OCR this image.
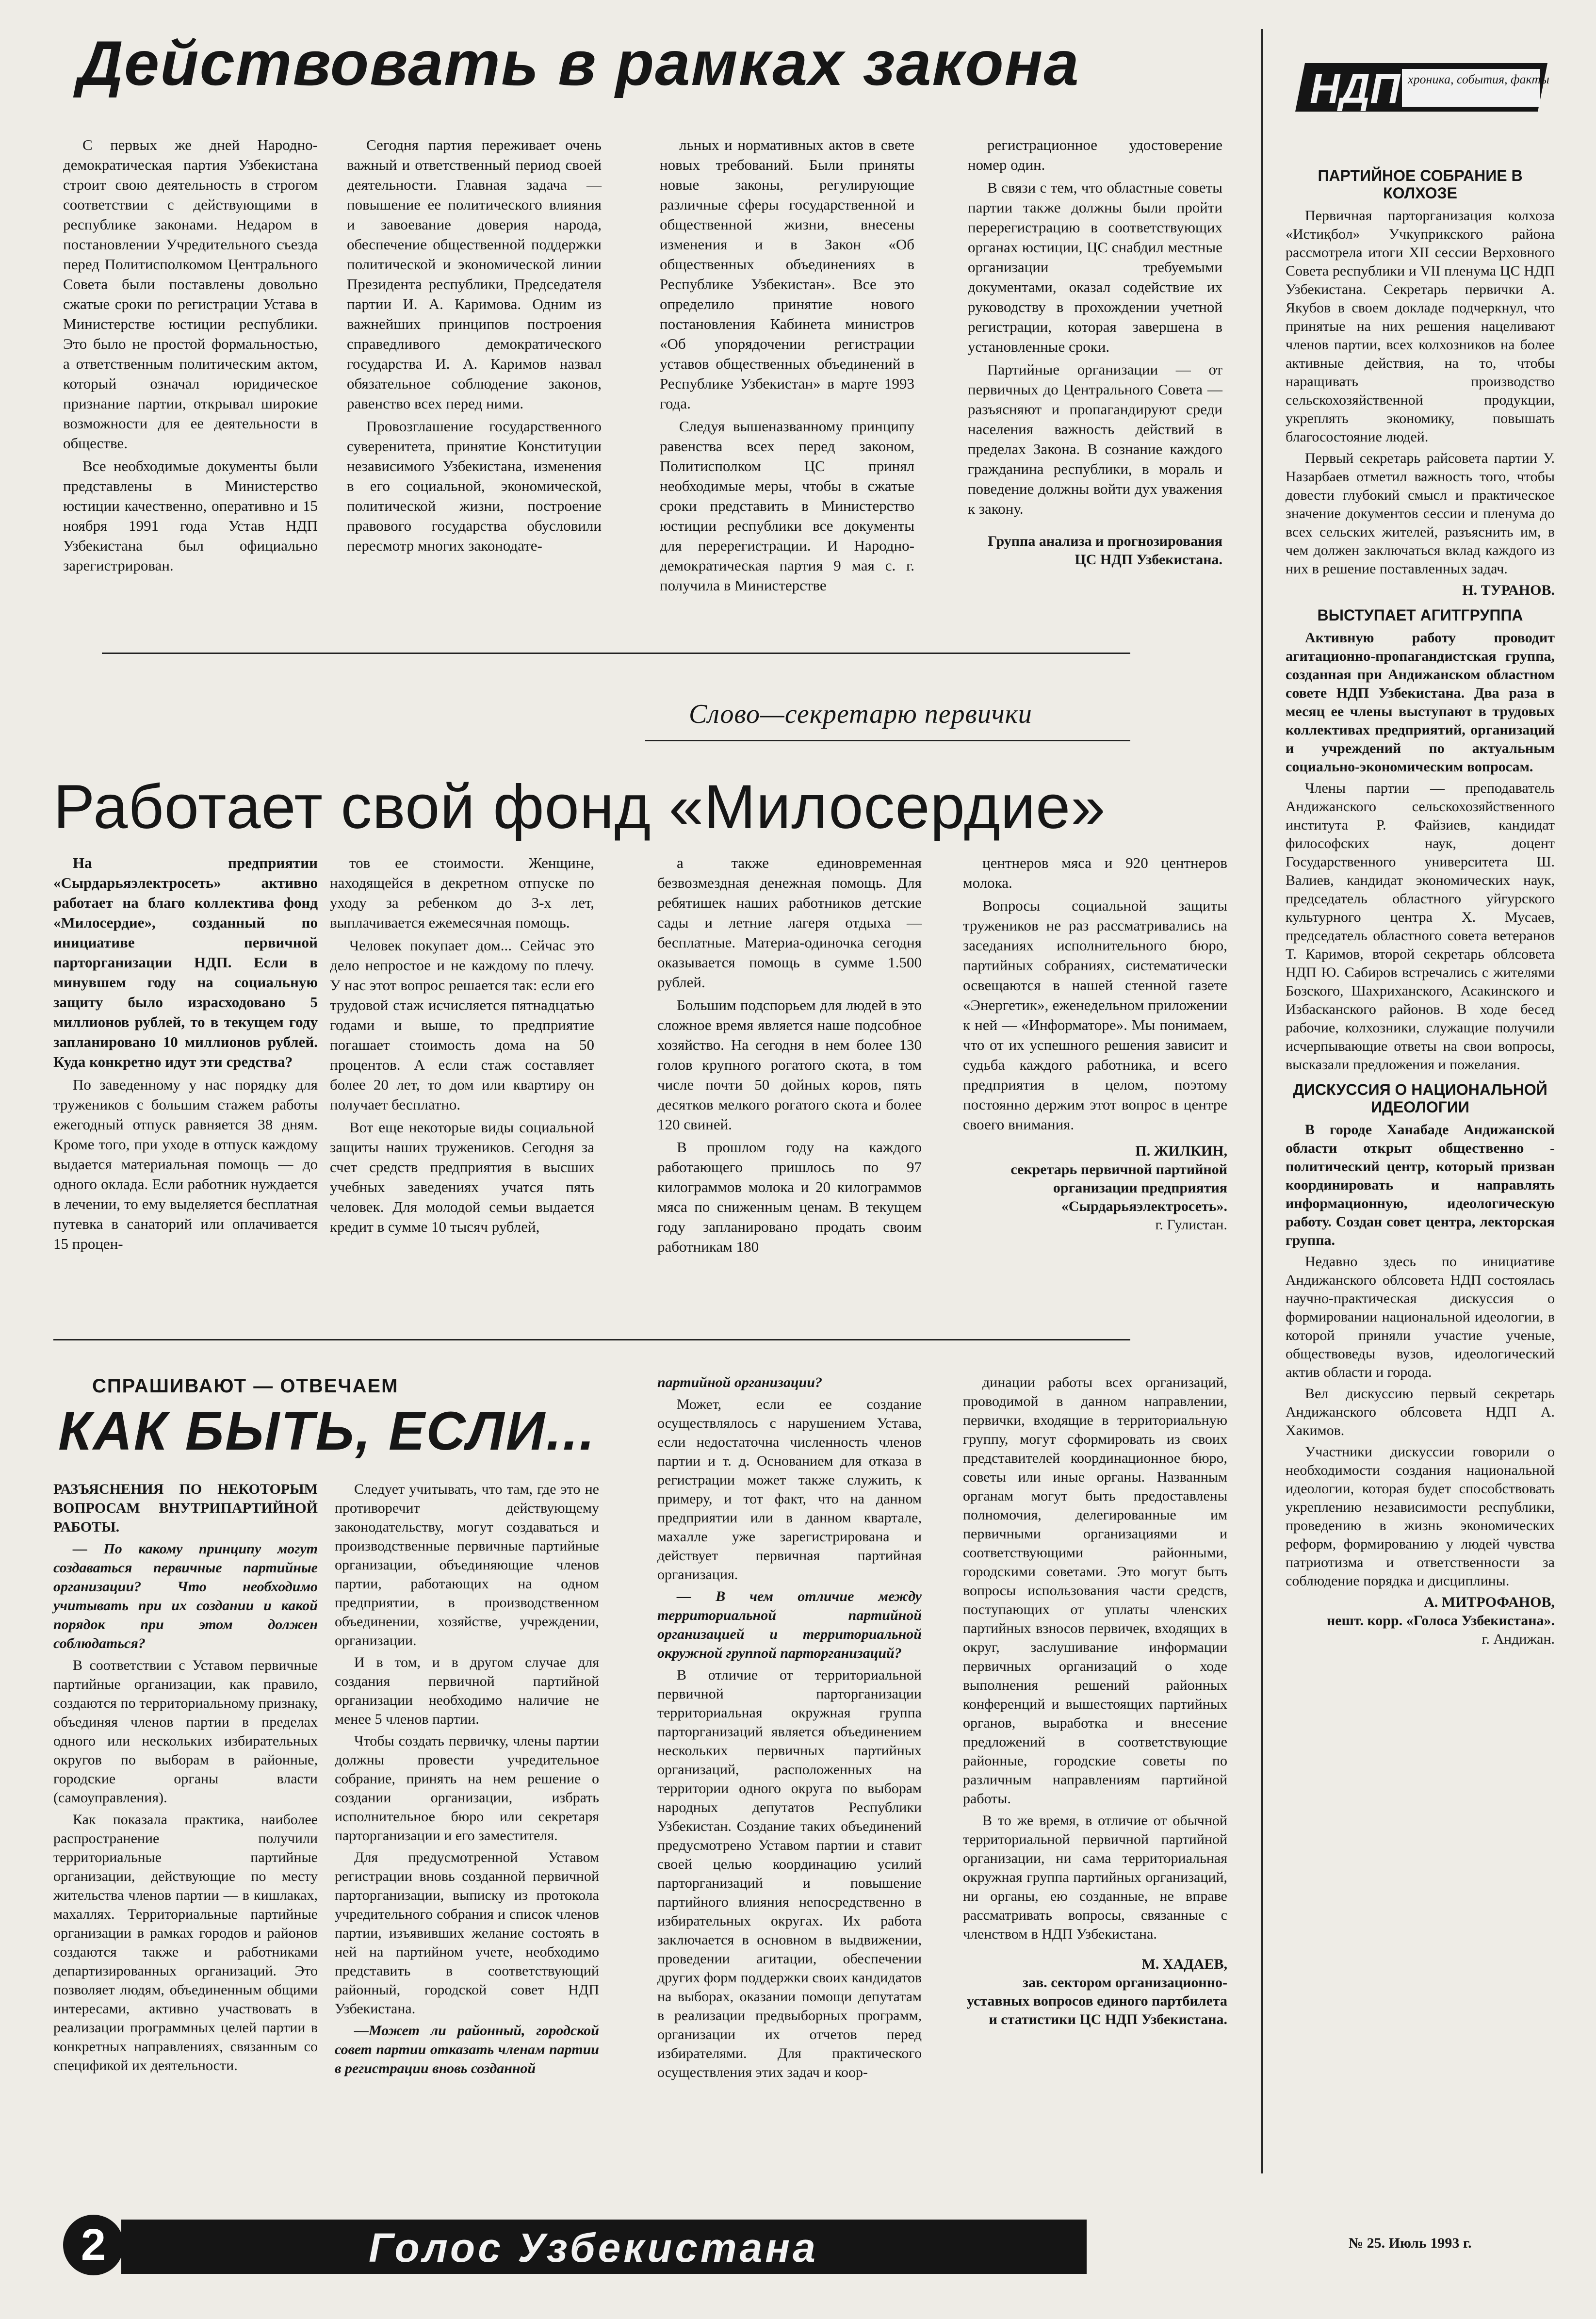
Действовать в рамках закона

С первых же дней Народно-демократическая партия Узбекистана строит свою деятельность в строгом соответствии с действующими в республике законами. Недаром в постановлении Учредительного съезда перед Политисполкомом Центрального Совета были поставлены довольно сжатые сроки по регистрации Устава в Министерстве юстиции республики. Это было не простой формальностью, а ответственным политическим актом, который означал юридическое признание партии, открывал широкие возможности для ее деятельности в обществе.

Все необходимые документы были представлены в Министерство юстиции качественно, оперативно и 15 ноября 1991 года Устав НДП Узбекистана был официально зарегистрирован.

Сегодня партия переживает очень важный и ответственный период своей деятельности. Главная задача — повышение ее политического влияния и завоевание доверия народа, обеспечение общественной поддержки политической и экономической линии Президента республики, Председателя партии И. А. Каримова. Одним из важнейших принципов построения справедливого демократического государства И. А. Каримов назвал обязательное соблюдение законов, равенство всех перед ними.

Провозглашение государственного суверенитета, принятие Конституции независимого Узбекистана, изменения в его социальной, экономической, политической жизни, построение правового государства обусловили пересмотр многих законодате-

льных и нормативных актов в свете новых требований. Были приняты новые законы, регулирующие различные сферы государственной и общественной жизни, внесены изменения и в Закон «Об общественных объединениях в Республике Узбекистан». Все это определило принятие нового постановления Кабинета министров «Об упорядочении регистрации уставов общественных объединений в Республике Узбекистан» в марте 1993 года.

Следуя вышеназванному принципу равенства всех перед законом, Политисполком ЦС принял необходимые меры, чтобы в сжатые сроки представить в Министерство юстиции республики все документы для перерегистрации. И Народно-демократическая партия 9 мая с. г. получила в Министерстве

регистрационное удостоверение номер один.

В связи с тем, что областные советы партии также должны были пройти перерегистрацию в соответствующих органах юстиции, ЦС снабдил местные организации требуемыми документами, оказал содействие их руководству в прохождении учетной регистрации, которая завершена в установленные сроки.

Партийные организации — от первичных до Центрального Совета — разъясняют и пропагандируют среди населения важность действий в пределах Закона. В сознание каждого гражданина республики, в мораль и поведение должны войти дух уважения к закону.

Группа анализа и прогнозирования ЦС НДП Узбекистана.
Слово—секретарю первички
Работает свой фонд «Милосердие»

На предприятии «Сырдарьяэлектросеть» активно работает на благо коллектива фонд «Милосердие», созданный по инициативе первичной парторганизации НДП. Если в минувшем году на социальную защиту было израсходовано 5 миллионов рублей, то в текущем году запланировано 10 миллионов рублей. Куда конкретно идут эти средства?

По заведенному у нас порядку для тружеников с большим стажем работы ежегодный отпуск равняется 38 дням. Кроме того, при уходе в отпуск каждому выдается материальная помощь — до одного оклада. Если работник нуждается в лечении, то ему выделяется бесплатная путевка в санаторий или оплачивается 15 процен-

тов ее стоимости. Женщине, находящейся в декретном отпуске по уходу за ребенком до 3-х лет, выплачивается ежемесячная помощь.

Человек покупает дом... Сейчас это дело непростое и не каждому по плечу. У нас этот вопрос решается так: если его трудовой стаж исчисляется пятнадцатью годами и выше, то предприятие погашает стоимость дома на 50 процентов. А если стаж составляет более 20 лет, то дом или квартиру он получает бесплатно.

Вот еще некоторые виды социальной защиты наших тружеников. Сегодня за счет средств предприятия в высших учебных заведениях учатся пять человек. Для молодой семьи выдается кредит в сумме 10 тысяч рублей,

а также единовременная безвозмездная денежная помощь. Для ребятишек наших работников детские сады и летние лагеря отдыха — бесплатные. Материа-одиночка сегодня оказывается помощь в сумме 1.500 рублей.

Большим подспорьем для людей в это сложное время является наше подсобное хозяйство. На сегодня в нем более 130 голов крупного рогатого скота, в том числе почти 50 дойных коров, пять десятков мелкого рогатого скота и более 120 свиней.

В прошлом году на каждого работающего пришлось по 97 килограммов молока и 20 килограммов мяса по сниженным ценам. В текущем году запланировано продать своим работникам 180

центнеров мяса и 920 центнеров молока.

Вопросы социальной защиты тружеников не раз рассматривались на заседаниях исполнительного бюро, партийных собраниях, систематически освещаются в нашей стенной газете «Энергетик», еженедельном приложении к ней — «Информаторе». Мы понимаем, что от их успешного решения зависит и судьба каждого работника, и всего предприятия в целом, поэтому постоянно держим этот вопрос в центре своего внимания.

П. ЖИЛКИН,
секретарь первичной партийной организации предприятия «Сырдарьяэлектросеть».
г. Гулистан.
СПРАШИВАЮТ — ОТВЕЧАЕМ
КАК БЫТЬ, ЕСЛИ...

РАЗЪЯСНЕНИЯ ПО НЕКОТОРЫМ ВОПРОСАМ ВНУТРИПАРТИЙНОЙ РАБОТЫ.

— По какому принципу могут создаваться первичные партийные организации? Что необходимо учитывать при их создании и какой порядок при этом должен соблюдаться?

В соответствии с Уставом первичные партийные организации, как правило, создаются по территориальному признаку, объединяя членов партии в пределах одного или нескольких избирательных округов по выборам в районные, городские органы власти (самоуправления).

Как показала практика, наиболее распространение получили территориальные партийные организации, действующие по месту жительства членов партии — в кишлаках, махаллях. Территориальные партийные организации в рамках городов и районов создаются также и работниками департизированных организаций. Это позволяет людям, объединенным общими интересами, активно участвовать в реализации программных целей партии в конкретных направлениях, связанным со спецификой их деятельности.

Следует учитывать, что там, где это не противоречит действующему законодательству, могут создаваться и производственные первичные партийные организации, объединяющие членов партии, работающих на одном предприятии, в производственном объединении, хозяйстве, учреждении, организации.

И в том, и в другом случае для создания первичной партийной организации необходимо наличие не менее 5 членов партии.

Чтобы создать первичку, члены партии должны провести учредительное собрание, принять на нем решение о создании организации, избрать исполнительное бюро или секретаря парторганизации и его заместителя.

Для предусмотренной Уставом регистрации вновь созданной первичной парторганизации, выписку из протокола учредительного собрания и список членов партии, изъявивших желание состоять в ней на партийном учете, необходимо представить в соответствующий районный, городской совет НДП Узбекистана.

—Может ли районный, городской совет партии отказать членам партии в регистрации вновь созданной

партийной организации?

Может, если ее создание осуществлялось с нарушением Устава, если недостаточна численность членов партии и т. д. Основанием для отказа в регистрации может также служить, к примеру, и тот факт, что на данном предприятии или в данном квартале, махалле уже зарегистрирована и действует первичная партийная организация.

— В чем отличие между территориальной партийной организацией и территориальной окружной группой парторганизаций?

В отличие от территориальной первичной парторганизации территориальная окружная группа парторганизаций является объединением нескольких первичных партийных организаций, расположенных на территории одного округа по выборам народных депутатов Республики Узбекистан. Создание таких объединений предусмотрено Уставом партии и ставит своей целью координацию усилий парторганизаций и повышение партийного влияния непосредственно в избирательных округах. Их работа заключается в основном в выдвижении, проведении агитации, обеспечении других форм поддержки своих кандидатов на выборах, оказании помощи депутатам в реализации предвыборных программ, организации их отчетов перед избирателями. Для практического осуществления этих задач и коор-

динации работы всех организаций, проводимой в данном направлении, первички, входящие в территориальную группу, могут сформировать из своих представителей координационное бюро, советы или иные органы. Названным органам могут быть предоставлены полномочия, делегированные им первичными организациями и соответствующими районными, городскими советами. Это могут быть вопросы использования части средств, поступающих от уплаты членских партийных взносов первичек, входящих в округ, заслушивание информации первичных организаций о ходе выполнения решений районных конференций и вышестоящих партийных органов, выработка и внесение предложений в соответствующие районные, городские советы по различным направлениям партийной работы.

В то же время, в отличие от обычной территориальной первичной партийной организации, ни сама территориальная окружная группа партийных организаций, ни органы, ею созданные, не вправе рассматривать вопросы, связанные с членством в НДП Узбекистана.

М. ХАДАЕВ,
зав. сектором организационно-уставных вопросов единого партбилета и статистики ЦС НДП Узбекистана.
НДП хроника, события, факты
ПАРТИЙНОЕ СОБРАНИЕ В КОЛХОЗЕ

Первичная парторганизация колхоза «Истиқбол» Учкуприкского района рассмотрела итоги XII сессии Верховного Совета республики и VII пленума ЦС НДП Узбекистана. Секретарь первички А. Якубов в своем докладе подчеркнул, что принятые на них решения нацеливают членов партии, всех колхозников на более активные действия, на то, чтобы наращивать производство сельскохозяйственной продукции, укреплять экономику, повышать благосостояние людей.

Первый секретарь райсовета партии У. Назарбаев отметил важность того, чтобы довести глубокий смысл и практическое значение документов сессии и пленума до всех сельских жителей, разъяснить им, в чем должен заключаться вклад каждого из них в решение поставленных задач.

Н. ТУРАНОВ.
ВЫСТУПАЕТ АГИТГРУППА

Активную работу проводит агитационно-пропагандистская группа, созданная при Андижанском областном совете НДП Узбекистана. Два раза в месяц ее члены выступают в трудовых коллективах предприятий, организаций и учреждений по актуальным социально-экономическим вопросам.

Члены партии — преподаватель Андижанского сельскохозяйственного института Р. Файзиев, кандидат философских наук, доцент Государственного университета Ш. Валиев, кандидат экономических наук, председатель областного уйгурского культурного центра Х. Мусаев, председатель областного совета ветеранов Т. Каримов, второй секретарь облсовета НДП Ю. Сабиров встречались с жителями Бозского, Шахриханского, Асакинского и Избасканского районов. В ходе бесед рабочие, колхозники, служащие получили исчерпывающие ответы на свои вопросы, высказали предложения и пожелания.

ДИСКУССИЯ О НАЦИОНАЛЬНОЙ ИДЕОЛОГИИ

В городе Ханабаде Андижанской области открыт общественно - политический центр, который призван координировать и направлять информационную, идеологическую работу. Создан совет центра, лекторская группа.

Недавно здесь по инициативе Андижанского облсовета НДП состоялась научно-практическая дискуссия о формировании национальной идеологии, в которой приняли участие ученые, обществоведы вузов, идеологический актив области и города.

Вел дискуссию первый секретарь Андижанского облсовета НДП А. Хакимов.

Участники дискуссии говорили о необходимости создания национальной идеологии, которая будет способствовать укреплению независимости республики, проведению в жизнь экономических реформ, формированию у людей чувства патриотизма и ответственности за соблюдение порядка и дисциплины.

А. МИТРОФАНОВ,
нешт. корр. «Голоса Узбекистана».
г. Андижан.
2	Голос Узбекистана	№ 25. Июль 1993 г.
